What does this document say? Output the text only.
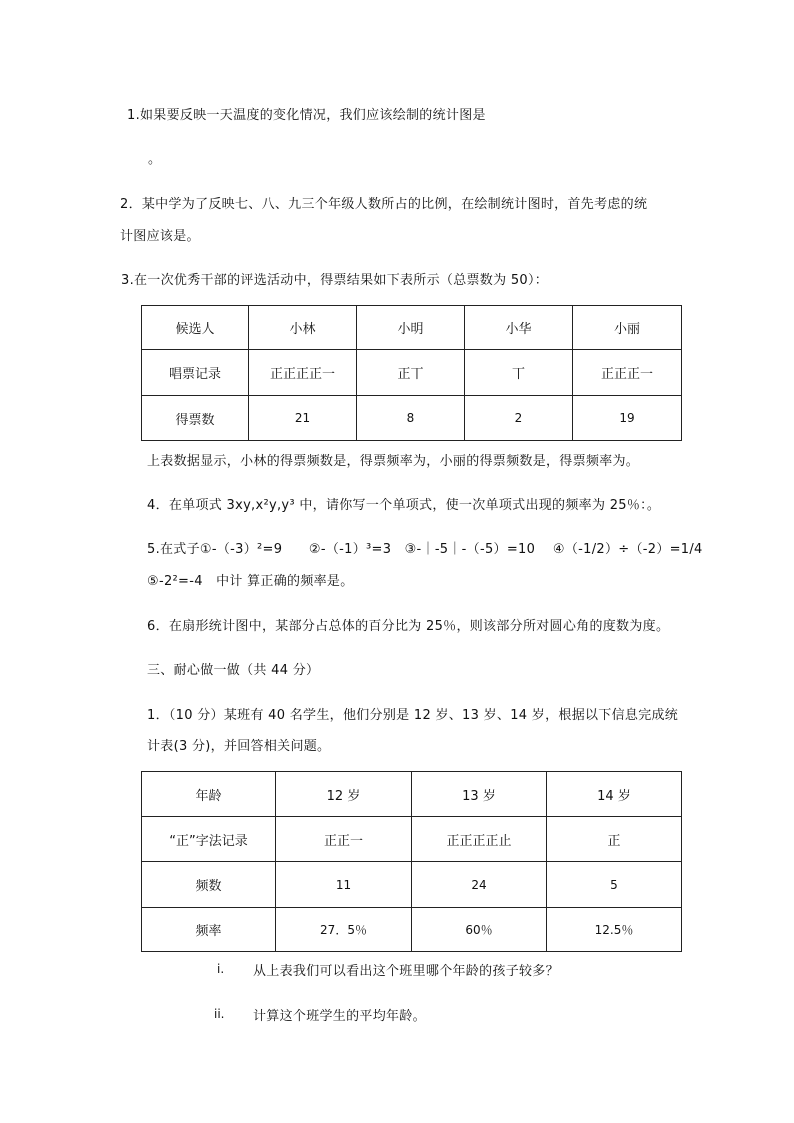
1.如果要反映一天温度的变化情况，我们应该绘制的统计图是
。
2．某中学为了反映七、八、九三个年级人数所占的比例，在绘制统计图时，首先考虑的统
计图应该是。
3.在一次优秀干部的评选活动中，得票结果如下表所示（总票数为 50）：
候选人	小林	小明	小华	小丽
唱票记录	正正正正一	正丅	丅	正正正一
得票数	21	8	2	19
上表数据显示，小林的得票频数是，得票频率为，小丽的得票频数是，得票频率为。
4．在单项式 3xy,x²y,y³ 中，请你写一个单项式，使一次单项式出现的频率为 25％：。
5.在式子①-（-3）²=9　　②-（-1）³=3　③-｜-5｜-（-5）=10　 ④（-1/2）÷（-2）=1/4
⑤-2²=-4　中计 算正确的频率是。
6．在扇形统计图中，某部分占总体的百分比为 25％，则该部分所对圆心角的度数为度。
三、耐心做一做（共 44 分）
1．（10 分）某班有 40 名学生，他们分别是 12 岁、13 岁、14 岁，根据以下信息完成统
计表(3 分)，并回答相关问题。
年龄	12 岁	13 岁	14 岁
“正”字法记录	正正一	正正正正止	正
频数	11	24	5
频率	27．5％	60％	12.5％
i. 从上表我们可以看出这个班里哪个年龄的孩子较多？
ii. 计算这个班学生的平均年龄。
